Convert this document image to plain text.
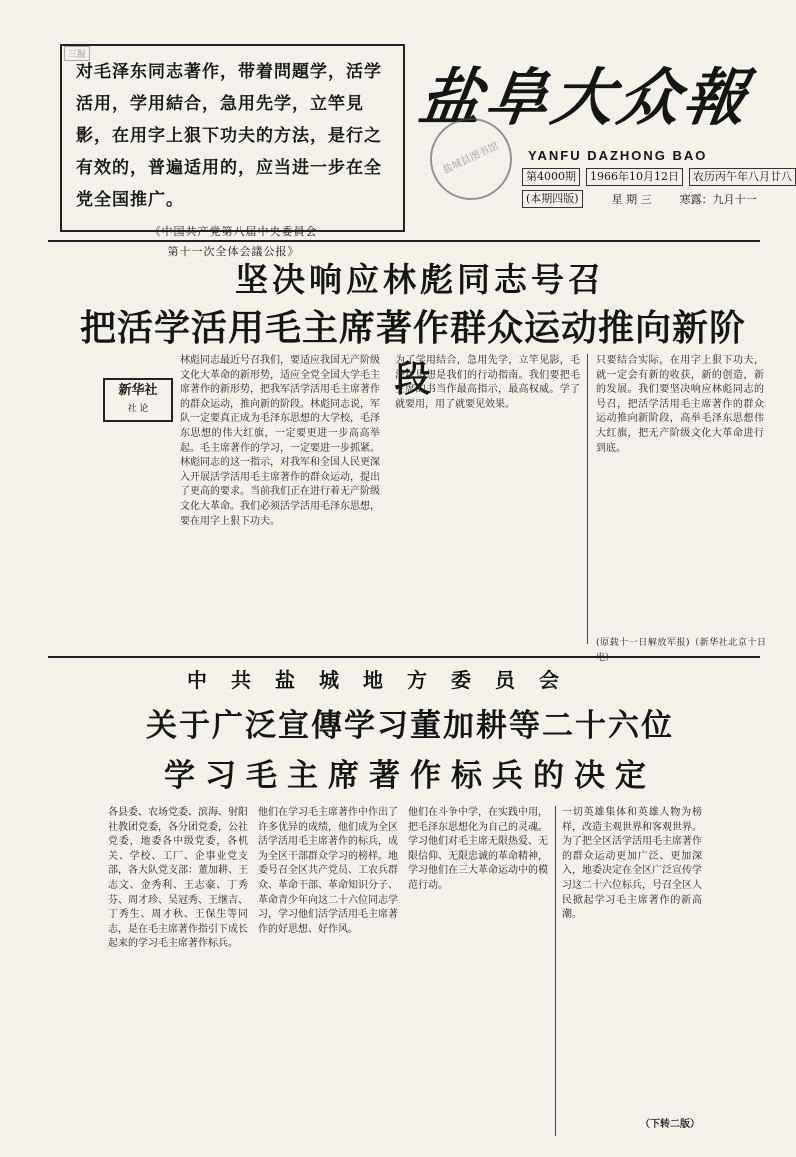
对毛泽东同志著作，带着問題学，活学活用，学用結合，急用先学，立竿見影，在用字上狠下功夫的方法，是行之有效的，普遍适用的，应当进一步在全党全国推广。
《中国共产党第八届中央委員会
第十一次全体会議公报》
三报
盐阜大众報
盐城县图书馆	YANFU DAZHONG BAO
第4000期	1966年10月12日	农历丙午年八月廿八
(本期四版)	星 期 三	寒露：九月十一
坚决响应林彪同志号召
把活学活用毛主席著作群众运动推向新阶段
新华社
社 论
林彪同志最近号召我们，要适应我国无产阶级文化大革命的新形势，适应全党全国大学毛主席著作的新形势，把我军活学活用毛主席著作的群众运动，推向新的阶段。林彪同志说，军队一定要真正成为毛泽东思想的大学校，毛泽东思想的伟大红旗，一定要更进一步高高举起。毛主席著作的学习，一定要进一步抓紧。林彪同志的这一指示，对我军和全国人民更深入开展活学活用毛主席著作的群众运动，提出了更高的要求。当前我们正在进行着无产阶级文化大革命。我们必须活学活用毛泽东思想，要在用字上狠下功夫。
为了学用结合，急用先学，立竿见影，毛泽东思想是我们的行动指南。我们要把毛主席的书当作最高指示，最高权威。学了就要用，用了就要见效果。
只要结合实际，在用字上狠下功夫，就一定会有新的收获，新的创造，新的发展。我们要坚决响应林彪同志的号召，把活学活用毛主席著作的群众运动推向新阶段，高举毛泽东思想伟大红旗，把无产阶级文化大革命进行到底。
(原载十一日解放军报)（新华社北京十日
中共盐城地方委员会
关于广泛宣傳学习董加耕等二十六位
学习毛主席著作标兵的决定
各县委、农场党委、滨海、射阳社教团党委，各分团党委，公社党委，地委各中级党委，各机关、学校、工厂、企事业党支部，各大队党支部：董加耕、王志文、金秀利、王志豪、丁秀芬、周才珍、吴冠秀、王继吉、丁秀生、周才秋、王保生等同志，是在毛主席著作指引下成长起来的学习毛主席著作标兵。
他们在学习毛主席著作中作出了许多优异的成绩，他们成为全区活学活用毛主席著作的标兵，成为全区干部群众学习的榜样。地委号召全区共产党员、工农兵群众、革命干部、革命知识分子、革命青少年向这二十六位同志学习，学习他们活学活用毛主席著作的好思想、好作风。
他们在斗争中学，在实践中用，把毛泽东思想化为自己的灵魂。学习他们对毛主席无限热爱、无限信仰、无限忠诚的革命精神，学习他们在三大革命运动中的模范行动。
一切英雄集体和英雄人物为榜样，改造主观世界和客观世界。为了把全区活学活用毛主席著作的群众运动更加广泛、更加深入，地委决定在全区广泛宣传学习这二十六位标兵，号召全区人民掀起学习毛主席著作的新高潮。
（下转二版）
